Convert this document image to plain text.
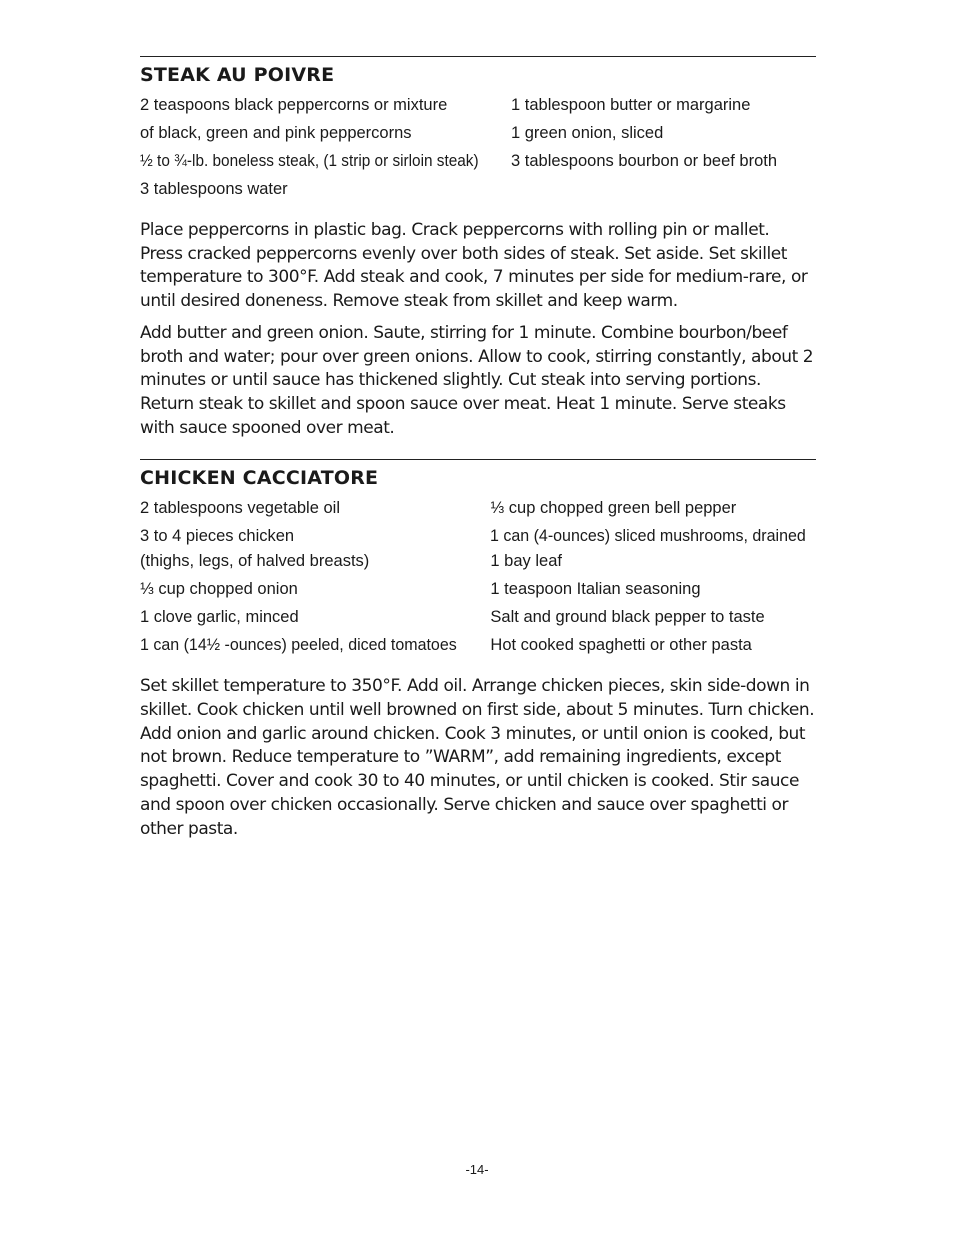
STEAK AU POIVRE
2 teaspoons black peppercorns or mixture
of black, green and pink peppercorns
½ to ¾-lb. boneless steak, (1 strip or sirloin steak)
3 tablespoons water
1 tablespoon butter or margarine
1 green onion, sliced
3 tablespoons bourbon or beef broth

Place peppercorns in plastic bag. Crack peppercorns with rolling pin or mallet. Press cracked peppercorns evenly over both sides of steak. Set aside. Set skillet temperature to 300°F. Add steak and cook, 7 minutes per side for medium-rare, or until desired doneness. Remove steak from skillet and keep warm.

Add butter and green onion. Saute, stirring for 1 minute. Combine bourbon/beef broth and water; pour over green onions. Allow to cook, stirring constantly, about 2 minutes or until sauce has thickened slightly. Cut steak into serving portions. Return steak to skillet and spoon sauce over meat. Heat 1 minute. Serve steaks with sauce spooned over meat.

CHICKEN CACCIATORE
2 tablespoons vegetable oil
3 to 4 pieces chicken
(thighs, legs, of halved breasts)
⅓ cup chopped onion
1 clove garlic, minced
1 can (14½ -ounces) peeled, diced tomatoes
⅓ cup chopped green bell pepper
1 can (4-ounces) sliced mushrooms, drained
1 bay leaf
1 teaspoon Italian seasoning
Salt and ground black pepper to taste
Hot cooked spaghetti or other pasta

Set skillet temperature to 350°F. Add oil. Arrange chicken pieces, skin side-down in skillet. Cook chicken until well browned on first side, about 5 minutes. Turn chicken. Add onion and garlic around chicken. Cook 3 minutes, or until onion is cooked, but not brown. Reduce temperature to ”WARM”, add remaining ingredients, except spaghetti. Cover and cook 30 to 40 minutes, or until chicken is cooked. Stir sauce and spoon over chicken occasionally. Serve chicken and sauce over spaghetti or other pasta.

-14-
